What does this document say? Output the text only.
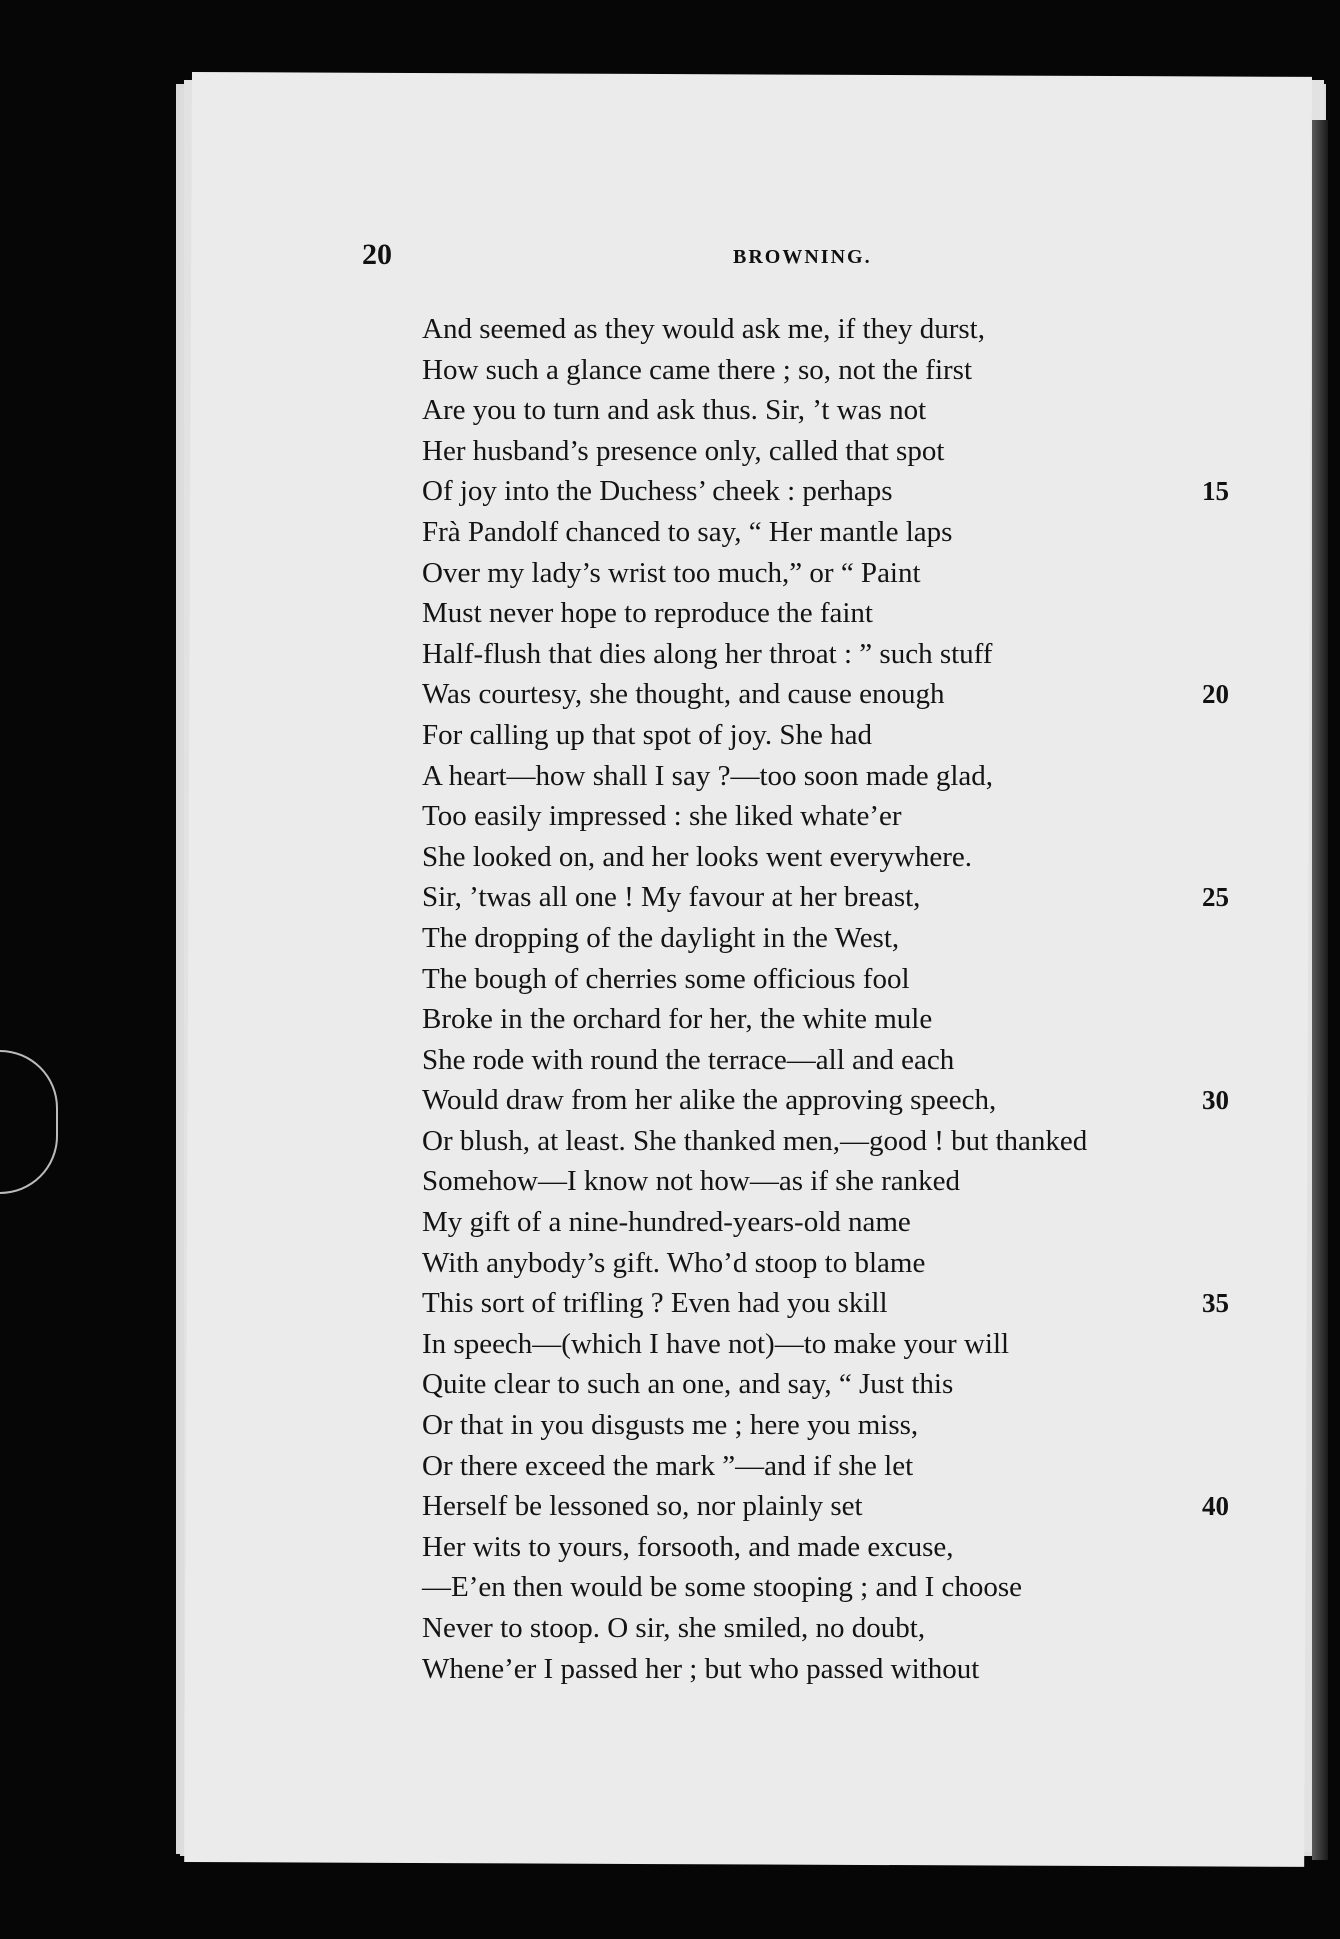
20	BROWNING.
And seemed as they would ask me, if they durst,
How such a glance came there ; so, not the first
Are you to turn and ask thus. Sir, ’t was not
Her husband’s presence only, called that spot
Of joy into the Duchess’ cheek : perhaps	15
Frà Pandolf chanced to say, “ Her mantle laps
Over my lady’s wrist too much,” or “ Paint
Must never hope to reproduce the faint
Half-flush that dies along her throat : ” such stuff
Was courtesy, she thought, and cause enough	20
For calling up that spot of joy. She had
A heart—how shall I say ?—too soon made glad,
Too easily impressed : she liked whate’er
She looked on, and her looks went everywhere.
Sir, ’twas all one ! My favour at her breast,	25
The dropping of the daylight in the West,
The bough of cherries some officious fool
Broke in the orchard for her, the white mule
She rode with round the terrace—all and each
Would draw from her alike the approving speech,	30
Or blush, at least. She thanked men,—good ! but thanked
Somehow—I know not how—as if she ranked
My gift of a nine-hundred-years-old name
With anybody’s gift. Who’d stoop to blame
This sort of trifling ? Even had you skill	35
In speech—(which I have not)—to make your will
Quite clear to such an one, and say, “ Just this
Or that in you disgusts me ; here you miss,
Or there exceed the mark ”—and if she let
Herself be lessoned so, nor plainly set	40
Her wits to yours, forsooth, and made excuse,
—E’en then would be some stooping ; and I choose
Never to stoop. O sir, she smiled, no doubt,
Whene’er I passed her ; but who passed without
